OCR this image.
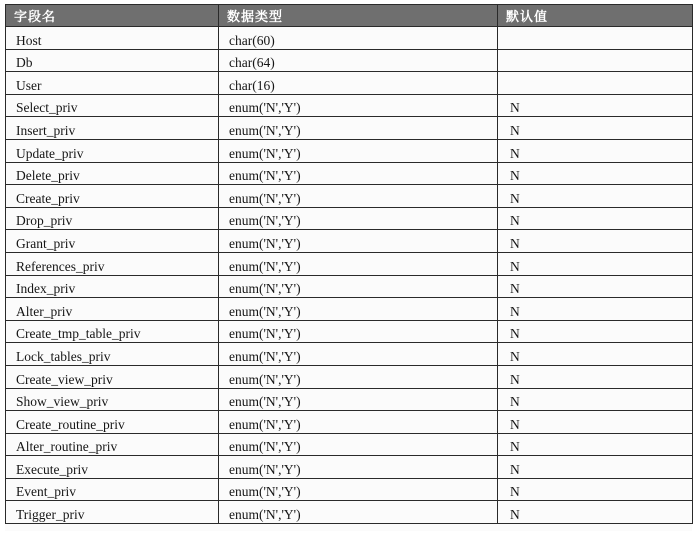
字段名	数据类型	默认值
Host	char(60)	
Db	char(64)	
User	char(16)	
Select_priv	enum('N','Y')	N
Insert_priv	enum('N','Y')	N
Update_priv	enum('N','Y')	N
Delete_priv	enum('N','Y')	N
Create_priv	enum('N','Y')	N
Drop_priv	enum('N','Y')	N
Grant_priv	enum('N','Y')	N
References_priv	enum('N','Y')	N
Index_priv	enum('N','Y')	N
Alter_priv	enum('N','Y')	N
Create_tmp_table_priv	enum('N','Y')	N
Lock_tables_priv	enum('N','Y')	N
Create_view_priv	enum('N','Y')	N
Show_view_priv	enum('N','Y')	N
Create_routine_priv	enum('N','Y')	N
Alter_routine_priv	enum('N','Y')	N
Execute_priv	enum('N','Y')	N
Event_priv	enum('N','Y')	N
Trigger_priv	enum('N','Y')	N
